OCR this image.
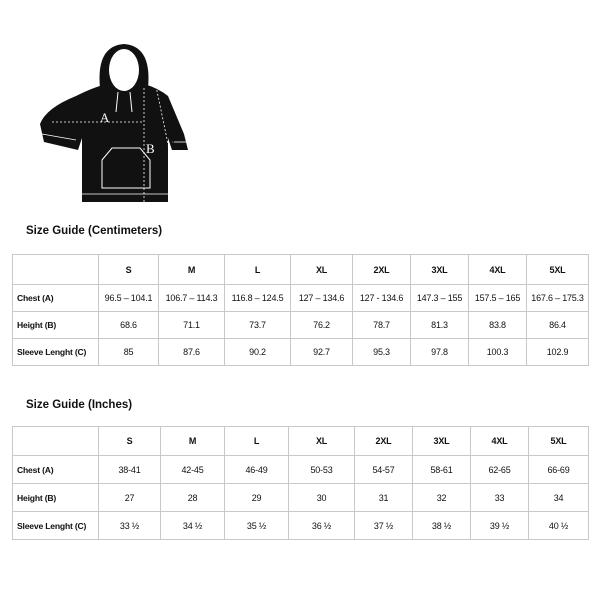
A
B C
Size Guide (Centimeters)
	S	M	L	XL	2XL	3XL	4XL	5XL
Chest (A)	96.5 – 104.1	106.7 – 114.3	116.8 – 124.5	127 – 134.6	127 - 134.6	147.3 – 155	157.5 – 165	167.6 – 175.3
Height (B)	68.6	71.1	73.7	76.2	78.7	81.3	83.8	86.4
Sleeve Lenght (C)	85	87.6	90.2	92.7	95.3	97.8	100.3	102.9
Size Guide (Inches)
	S	M	L	XL	2XL	3XL	4XL	5XL
Chest (A)	38-41	42-45	46-49	50-53	54-57	58-61	62-65	66-69
Height (B)	27	28	29	30	31	32	33	34
Sleeve Lenght (C)	33 ½	34 ½	35 ½	36 ½	37 ½	38 ½	39 ½	40 ½
